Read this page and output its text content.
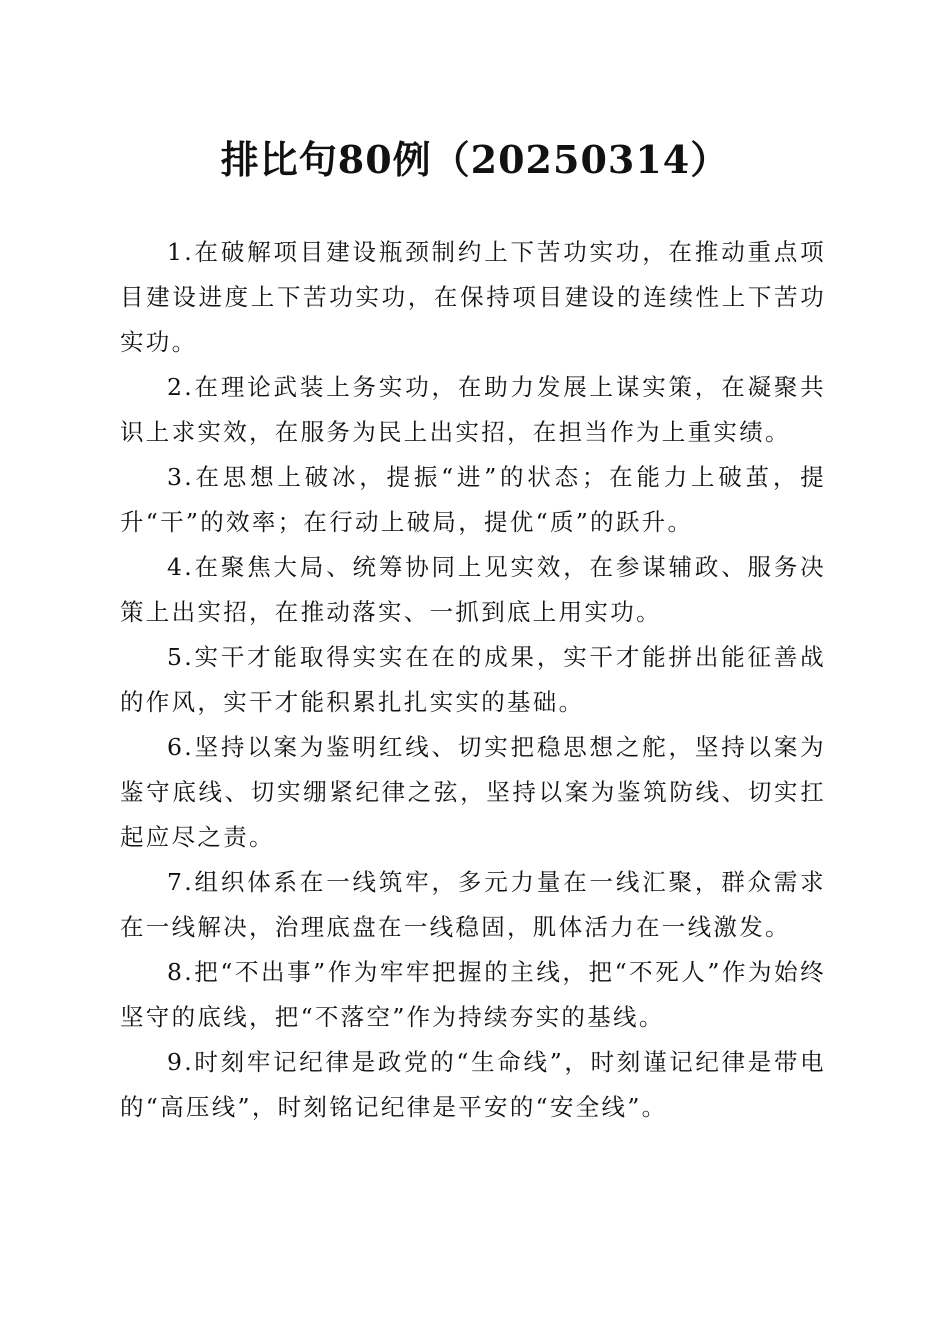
排比句80例（20250314）

1.在破解项目建设瓶颈制约上下苦功实功，在推动重点项目建设进度上下苦功实功，在保持项目建设的连续性上下苦功实功。

2.在理论武装上务实功，在助力发展上谋实策，在凝聚共识上求实效，在服务为民上出实招，在担当作为上重实绩。

3.在思想上破冰，提振“进”的状态；在能力上破茧，提升“干”的效率；在行动上破局，提优“质”的跃升。

4.在聚焦大局、统筹协同上见实效，在参谋辅政、服务决策上出实招，在推动落实、一抓到底上用实功。

5.实干才能取得实实在在的成果，实干才能拼出能征善战的作风，实干才能积累扎扎实实的基础。

6.坚持以案为鉴明红线、切实把稳思想之舵，坚持以案为鉴守底线、切实绷紧纪律之弦，坚持以案为鉴筑防线、切实扛起应尽之责。

7.组织体系在一线筑牢，多元力量在一线汇聚，群众需求在一线解决，治理底盘在一线稳固，肌体活力在一线激发。

8.把“不出事”作为牢牢把握的主线，把“不死人”作为始终坚守的底线，把“不落空”作为持续夯实的基线。

9.时刻牢记纪律是政党的“生命线”，时刻谨记纪律是带电的“高压线”，时刻铭记纪律是平安的“安全线”。
